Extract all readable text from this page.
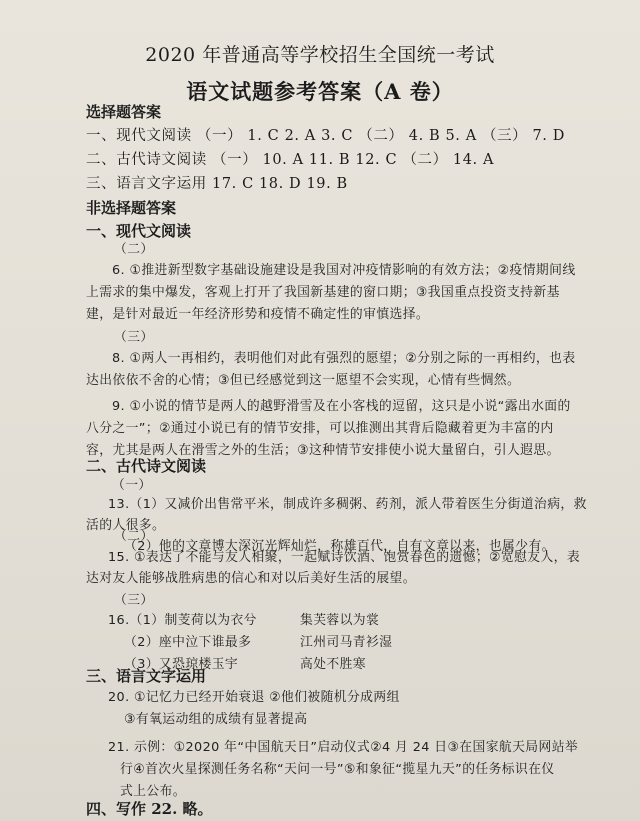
2020 年普通高等学校招生全国统一考试
语文试题参考答案（A 卷）
选择题答案
一、现代文阅读 （一） 1. C 2. A 3. C （二） 4. B 5. A （三） 7. D
二、古代诗文阅读 （一） 10. A 11. B 12. C （二） 14. A
三、语言文字运用 17. C 18. D 19. B
非选择题答案
一、现代文阅读
（二）
6. ①推进新型数字基础设施建设是我国对冲疫情影响的有效方法；②疫情期间线
上需求的集中爆发，客观上打开了我国新基建的窗口期；③我国重点投资支持新基
建，是针对最近一年经济形势和疫情不确定性的审慎选择。
（三）
8. ①两人一再相约，表明他们对此有强烈的愿望；②分别之际的一再相约，也表
达出依依不舍的心情；③但已经感觉到这一愿望不会实现，心情有些惆然。
9. ①小说的情节是两人的越野滑雪及在小客栈的逗留，这只是小说“露出水面的
八分之一”；②通过小说已有的情节安排，可以推测出其背后隐藏着更为丰富的内
容，尤其是两人在滑雪之外的生活；③这种情节安排使小说大量留白，引人遐思。
二、古代诗文阅读
（一）
13.（1）又减价出售常平米，制成许多稠粥、药剂，派人带着医生分街道治病，救
活的人很多。
（2）他的文章博大深沉光辉灿烂，称雄百代，自有文章以来，也属少有。
（二）
15. ①表达了不能与友人相聚，一起赋诗饮酒、饱赏春色的遗憾；②宽慰友人，表
达对友人能够战胜病患的信心和对以后美好生活的展望。
（三）
16.（1）制芰荷以为衣兮	集芙蓉以为裳
（2）座中泣下谁最多	江州司马青衫湿
（3）又恐琼楼玉宇	高处不胜寒
三、语言文字运用
20. ①记忆力已经开始衰退 ②他们被随机分成两组
③有氧运动组的成绩有显著提高
21. 示例：①2020 年“中国航天日”启动仪式②4 月 24 日③在国家航天局网站举
行④首次火星探测任务名称“天问一号”⑤和象征“揽星九天”的任务标识在仪
式上公布。
四、写作 22. 略。
